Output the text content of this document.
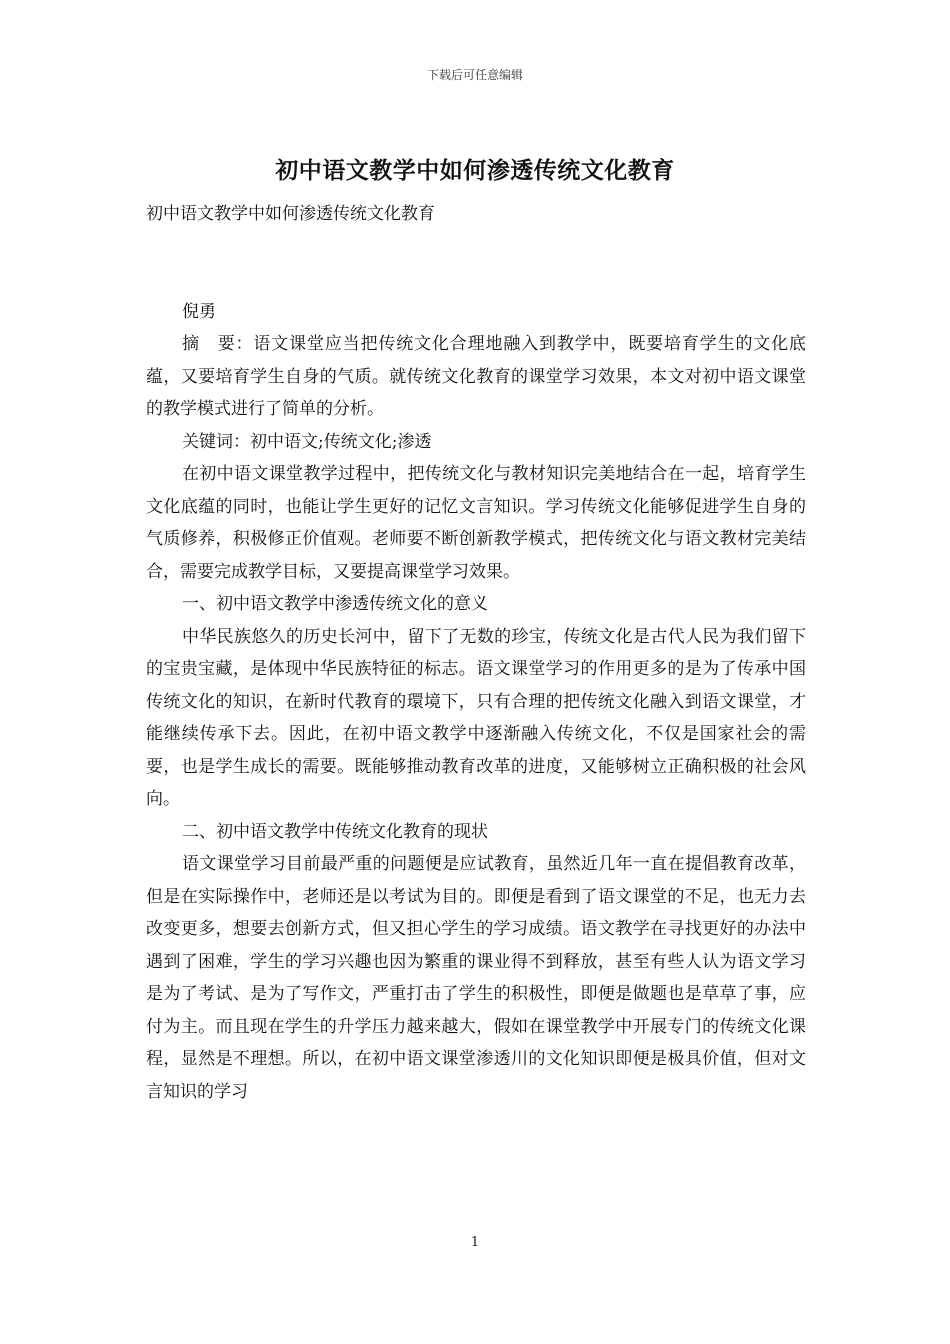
下载后可任意编辑
初中语文教学中如何渗透传统文化教育

初中语文教学中如何渗透传统文化教育

倪勇

摘　要：语文课堂应当把传统文化合理地融入到教学中，既要培育学生的文化底蕴，又要培育学生自身的气质。就传统文化教育的课堂学习效果，本文对初中语文课堂的教学模式进行了简单的分析。

关键词：初中语文;传统文化;渗透

在初中语文课堂教学过程中，把传统文化与教材知识完美地结合在一起，培育学生文化底蕴的同时，也能让学生更好的记忆文言知识。学习传统文化能够促进学生自身的气质修养，积极修正价值观。老师要不断创新教学模式，把传统文化与语文教材完美结合，需要完成教学目标，又要提高课堂学习效果。

一、初中语文教学中渗透传统文化的意义

中华民族悠久的历史长河中，留下了无数的珍宝，传统文化是古代人民为我们留下的宝贵宝藏，是体现中华民族特征的标志。语文课堂学习的作用更多的是为了传承中国传统文化的知识，在新时代教育的環境下，只有合理的把传统文化融入到语文课堂，才能继续传承下去。因此，在初中语文教学中逐渐融入传统文化，不仅是国家社会的需要，也是学生成长的需要。既能够推动教育改革的进度，又能够树立正确积极的社会风向。

二、初中语文教学中传统文化教育的现状

语文课堂学习目前最严重的问题便是应试教育，虽然近几年一直在提倡教育改革，但是在实际操作中，老师还是以考试为目的。即便是看到了语文课堂的不足，也无力去改变更多，想要去创新方式，但又担心学生的学习成绩。语文教学在寻找更好的办法中遇到了困难，学生的学习兴趣也因为繁重的课业得不到释放，甚至有些人认为语文学习是为了考试、是为了写作文，严重打击了学生的积极性，即便是做题也是草草了事，应付为主。而且现在学生的升学压力越来越大，假如在课堂教学中开展专门的传统文化课程，显然是不理想。所以，在初中语文课堂渗透川的文化知识即便是极具价值，但对文言知识的学习

1
